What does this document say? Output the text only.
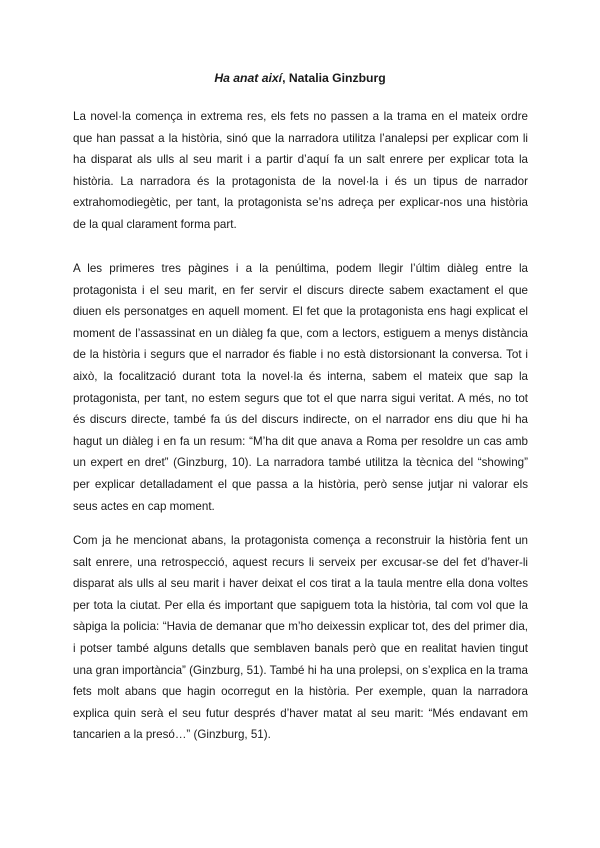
Ha anat així, Natalia Ginzburg

La novel·la comença in extrema res, els fets no passen a la trama en el mateix ordre que han passat a la història, sinó que la narradora utilitza l’analepsi per explicar com li ha disparat als ulls al seu marit i a partir d’aquí fa un salt enrere per explicar tota la història. La narradora és la protagonista de la novel·la i és un tipus de narrador extrahomodiegètic, per tant, la protagonista se’ns adreça per explicar-nos una història de la qual clarament forma part.

A les primeres tres pàgines i a la penúltima, podem llegir l’últim diàleg entre la protagonista i el seu marit, en fer servir el discurs directe sabem exactament el que diuen els personatges en aquell moment. El fet que la protagonista ens hagi explicat el moment de l’assassinat en un diàleg fa que, com a lectors, estiguem a menys distància de la història i segurs que el narrador és fiable i no està distorsionant la conversa. Tot i això, la focalització durant tota la novel·la és interna, sabem el mateix que sap la protagonista, per tant, no estem segurs que tot el que narra sigui veritat. A més, no tot és discurs directe, també fa ús del discurs indirecte, on el narrador ens diu que hi ha hagut un diàleg i en fa un resum: “M’ha dit que anava a Roma per resoldre un cas amb un expert en dret” (Ginzburg, 10). La narradora també utilitza la tècnica del “showing” per explicar detalladament el que passa a la història, però sense jutjar ni valorar els seus actes en cap moment.

Com ja he mencionat abans, la protagonista comença a reconstruir la història fent un salt enrere, una retrospecció, aquest recurs li serveix per excusar-se del fet d’haver-li disparat als ulls al seu marit i haver deixat el cos tirat a la taula mentre ella dona voltes per tota la ciutat. Per ella és important que sapiguem tota la història, tal com vol que la sàpiga la policia: “Havia de demanar que m’ho deixessin explicar tot, des del primer dia, i potser també alguns detalls que semblaven banals però que en realitat havien tingut una gran importància” (Ginzburg, 51). També hi ha una prolepsi, on s’explica en la trama fets molt abans que hagin ocorregut en la història. Per exemple, quan la narradora explica quin serà el seu futur després d’haver matat al seu marit: “Més endavant em tancarien a la presó…” (Ginzburg, 51).
